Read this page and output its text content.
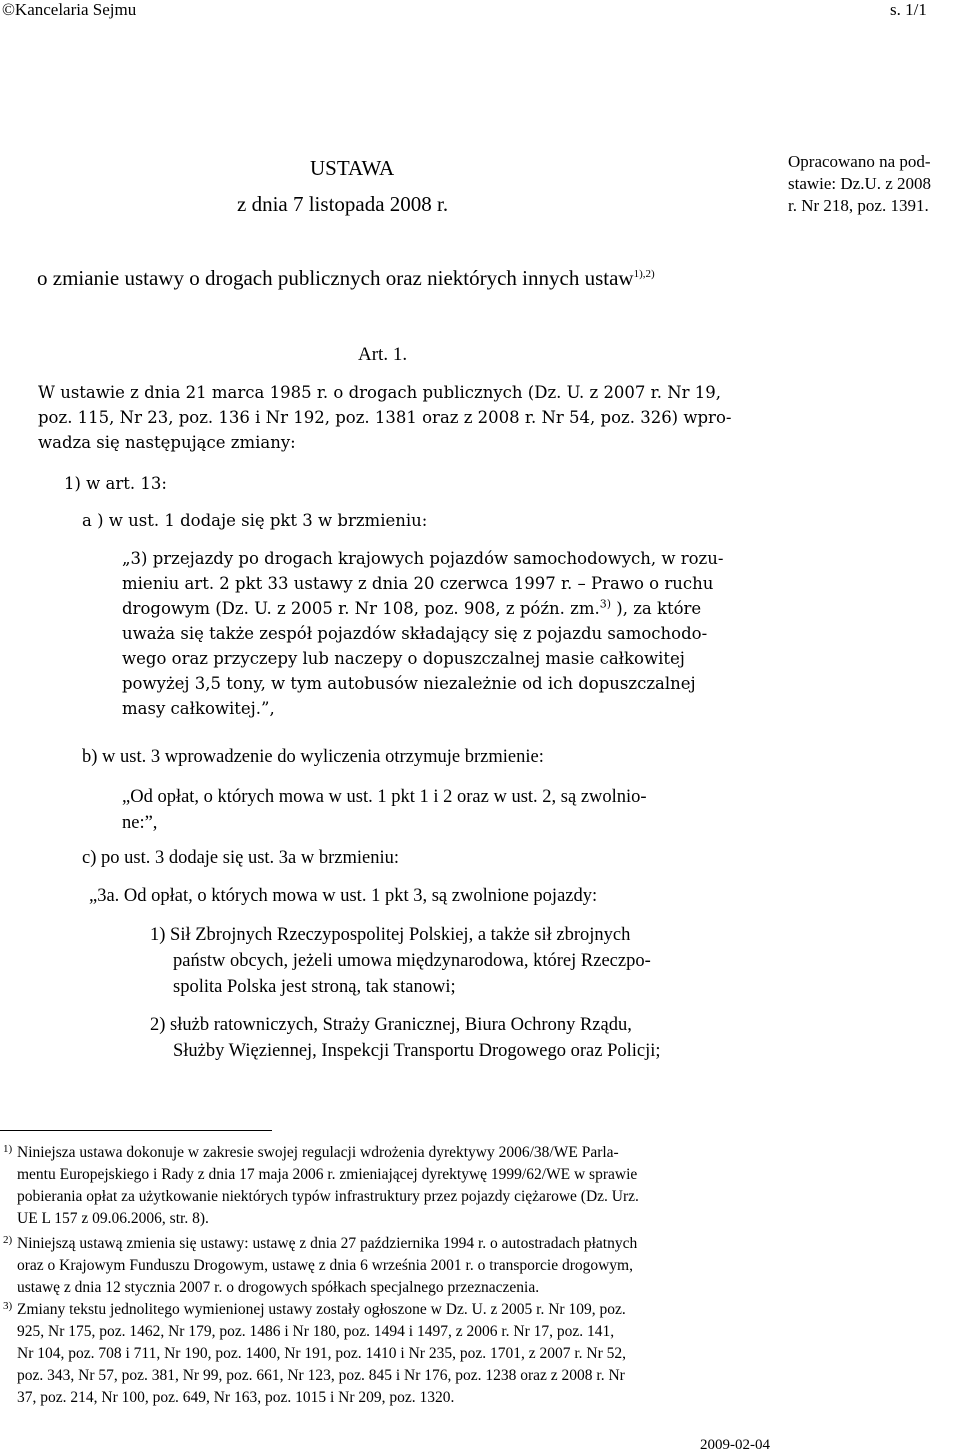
©Kancelaria Sejmu	s. 1/1
USTAWA
z dnia 7 listopada 2008 r.
Opracowano na pod-
stawie: Dz.U. z 2008
r. Nr 218, poz. 1391.
o zmianie ustawy o drogach publicznych oraz niektórych innych ustaw$^{1),2)}$
Art. 1.
W ustawie z dnia 21 marca 1985 r. o drogach publicznych (Dz. U. z 2007 r. Nr 19,
poz. 115, Nr 23, poz. 136 i Nr 192, poz. 1381 oraz z 2008 r. Nr 54, poz. 326) wpro-
wadza się następujące zmiany:
1) w art. 13:
a ) w ust. 1 dodaje się pkt 3 w brzmieniu:
„3) przejazdy po drogach krajowych pojazdów samochodowych, w rozu-
mieniu art. 2 pkt 33 ustawy z dnia 20 czerwca 1997 r. – Prawo o ruchu
drogowym (Dz. U. z 2005 r. Nr 108, poz. 908, z późn. zm.$^{3)}$ ), za które
uważa się także zespół pojazdów składający się z pojazdu samochodo-
wego oraz przyczepy lub naczepy o dopuszczalnej masie całkowitej
powyżej 3,5 tony, w tym autobusów niezależnie od ich dopuszczalnej
masy całkowitej.”,
b) w ust. 3 wprowadzenie do wyliczenia otrzymuje brzmienie:
„Od opłat, o których mowa w ust. 1 pkt 1 i 2 oraz w ust. 2, są zwolnio-
ne:”,
c) po ust. 3 dodaje się ust. 3a w brzmieniu:
„3a. Od opłat, o których mowa w ust. 1 pkt 3, są zwolnione pojazdy:
1) Sił Zbrojnych Rzeczypospolitej Polskiej, a także sił zbrojnych
państw obcych, jeżeli umowa międzynarodowa, której Rzeczpo-
spolita Polska jest stroną, tak stanowi;
2) służb ratowniczych, Straży Granicznej, Biura Ochrony Rządu,
Służby Więziennej, Inspekcji Transportu Drogowego oraz Policji;
1) Niniejsza ustawa dokonuje w zakresie swojej regulacji wdrożenia dyrektywy 2006/38/WE Parla-
mentu Europejskiego i Rady z dnia 17 maja 2006 r. zmieniającej dyrektywę 1999/62/WE w sprawie
pobierania opłat za użytkowanie niektórych typów infrastruktury przez pojazdy ciężarowe (Dz. Urz.
UE L 157 z 09.06.2006, str. 8).
2) Niniejszą ustawą zmienia się ustawy: ustawę z dnia 27 października 1994 r. o autostradach płatnych
oraz o Krajowym Funduszu Drogowym, ustawę z dnia 6 września 2001 r. o transporcie drogowym,
ustawę z dnia 12 stycznia 2007 r. o drogowych spółkach specjalnego przeznaczenia.
3) Zmiany tekstu jednolitego wymienionej ustawy zostały ogłoszone w Dz. U. z 2005 r. Nr 109, poz.
925, Nr 175, poz. 1462, Nr 179, poz. 1486 i Nr 180, poz. 1494 i 1497, z 2006 r. Nr 17, poz. 141,
Nr 104, poz. 708 i 711, Nr 190, poz. 1400, Nr 191, poz. 1410 i Nr 235, poz. 1701, z 2007 r. Nr 52,
poz. 343, Nr 57, poz. 381, Nr 99, poz. 661, Nr 123, poz. 845 i Nr 176, poz. 1238 oraz z 2008 r. Nr
37, poz. 214, Nr 100, poz. 649, Nr 163, poz. 1015 i Nr 209, poz. 1320.
2009-02-04
